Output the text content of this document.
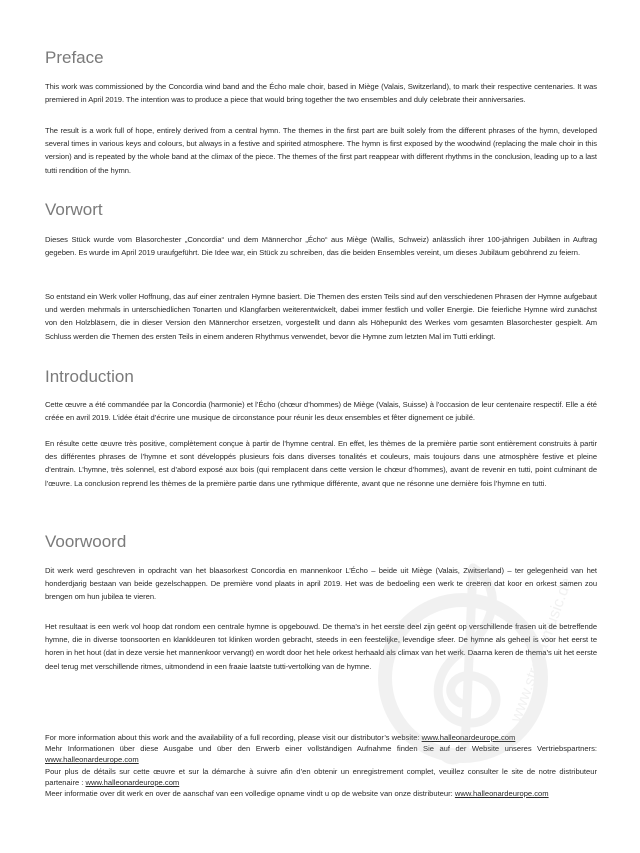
Preface

This work was commissioned by the Concordia wind band and the Écho male choir, based in Miège (Valais, Switzerland), to mark their respective centenaries. It was premiered in April 2019. The intention was to produce a piece that would bring together the two ensembles and duly celebrate their anniversaries.

The result is a work full of hope, entirely derived from a central hymn. The themes in the first part are built solely from the different phrases of the hymn, developed several times in various keys and colours, but always in a festive and spirited atmosphere. The hymn is first exposed by the woodwind (replacing the male choir in this version) and is repeated by the whole band at the climax of the piece. The themes of the first part reappear with different rhythms in the conclusion, leading up to a last tutti rendition of the hymn.

Vorwort

Dieses Stück wurde vom Blasorchester „Concordia“ und dem Männerchor „Écho“ aus Miège (Wallis, Schweiz) anlässlich ihrer 100-jährigen Jubiläen in Auftrag gegeben. Es wurde im April 2019 uraufgeführt. Die Idee war, ein Stück zu schreiben, das die beiden Ensembles vereint, um dieses Jubiläum gebührend zu feiern.

So entstand ein Werk voller Hoffnung, das auf einer zentralen Hymne basiert. Die Themen des ersten Teils sind auf den verschiedenen Phrasen der Hymne aufgebaut und werden mehrmals in unterschiedlichen Tonarten und Klangfarben weiterentwickelt, dabei immer festlich und voller Energie. Die feierliche Hymne wird zunächst von den Holzbläsern, die in dieser Version den Männerchor ersetzen, vorgestellt und dann als Höhepunkt des Werkes vom gesamten Blasorchester gespielt. Am Schluss werden die Themen des ersten Teils in einem anderen Rhythmus verwendet, bevor die Hymne zum letzten Mal im Tutti erklingt.

Introduction

Cette œuvre a été commandée par la Concordia (harmonie) et l’Écho (chœur d’hommes) de Miège (Valais, Suisse) à l’occasion de leur centenaire respectif. Elle a été créée en avril 2019. L’idée était d’écrire une musique de circonstance pour réunir les deux ensembles et fêter dignement ce jubilé.

En résulte cette œuvre très positive, complètement conçue à partir de l’hymne central. En effet, les thèmes de la première partie sont entièrement construits à partir des différentes phrases de l’hymne et sont développés plusieurs fois dans diverses tonalités et couleurs, mais toujours dans une atmosphère festive et pleine d’entrain. L’hymne, très solennel, est d’abord exposé aux bois (qui remplacent dans cette version le chœur d’hommes), avant de revenir en tutti, point culminant de l’œuvre. La conclusion reprend les thèmes de la première partie dans une rythmique différente, avant que ne résonne une dernière fois l’hymne en tutti.

Voorwoord

Dit werk werd geschreven in opdracht van het blaasorkest Concordia en mannenkoor L’Écho – beide uit Miège (Valais, Zwitserland) – ter gelegenheid van het honderdjarig bestaan van beide gezelschappen. De première vond plaats in april 2019. Het was de bedoeling een werk te creëren dat koor en orkest samen zou brengen om hun jubilea te vieren.

Het resultaat is een werk vol hoop dat rondom een centrale hymne is opgebouwd. De thema’s in het eerste deel zijn geënt op verschillende frasen uit de betreffende hymne, die in diverse toonsoorten en klankkleuren tot klinken worden gebracht, steeds in een feestelijke, levendige sfeer. De hymne als geheel is voor het eerst te horen in het hout (dat in deze versie het mannenkoor vervangt) en wordt door het hele orkest herhaald als climax van het werk. Daarna keren de thema’s uit het eerste deel terug met verschillende ritmes, uitmondend in een fraaie laatste tutti-vertolking van de hymne.

For more information about this work and the availability of a full recording, please visit our distributor’s website: www.halleonardeurope.com

Mehr Informationen über diese Ausgabe und über den Erwerb einer vollständigen Aufnahme finden Sie auf der Website unseres Vertriebspartners: www.halleonardeurope.com

Pour plus de détails sur cette œuvre et sur la démarche à suivre afin d’en obtenir un enregistrement complet, veuillez consulter le site de notre distributeur partenaire : www.halleonardeurope.com

Meer informatie over dit werk en over de aanschaf van een volledige opname vindt u op de website van onze distributeur: www.halleonardeurope.com

www.stretta-music.de
